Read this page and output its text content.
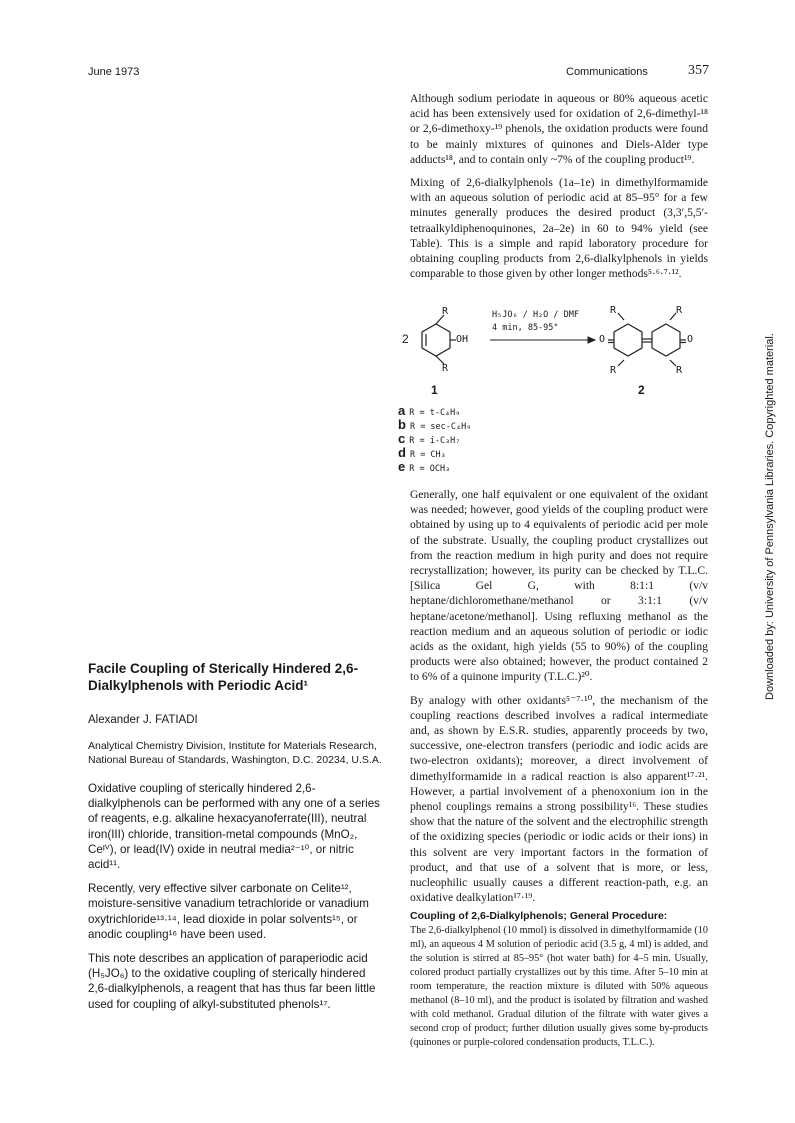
June 1973	Communications	357
Downloaded by: University of Pennsylvania Libraries. Copyrighted material.

Although sodium periodate in aqueous or 80% aqueous acetic acid has been extensively used for oxidation of 2,6-dimethyl-¹⁸ or 2,6-dimethoxy-¹⁹ phenols, the oxidation products were found to be mainly mixtures of quinones and Diels-Alder type adducts¹⁸, and to contain only ~7% of the coupling product¹⁹.

Mixing of 2,6-dialkylphenols (1a–1e) in dimethylformamide with an aqueous solution of periodic acid at 85–95° for a few minutes generally produces the desired product (3,3′,5,5′-tetraalkyldiphenoquinones, 2a–2e) in 60 to 94% yield (see Table). This is a simple and rapid laboratory procedure for obtaining coupling products from 2,6-dialkylphenols in yields comparable to those given by other longer methods⁵·⁶·⁷·¹².

R
R
OH
2
H₅JO₆ / H₂O / DMF
4 min, 85-95°
O	O
R	R
R	R
1	2
a R = t-C₄H₉
b R = sec-C₄H₉
c R = i-C₃H₇
d R = CH₃
e R = OCH₃

Generally, one half equivalent or one equivalent of the oxidant was needed; however, good yields of the coupling product were obtained by using up to 4 equivalents of periodic acid per mole of the substrate. Usually, the coupling product crystallizes out from the reaction medium in high purity and does not require recrystallization; however, its purity can be checked by T.L.C. [Silica Gel G, with 8:1:1 (v/v heptane/dichloromethane/methanol or 3:1:1 (v/v heptane/acetone/methanol]. Using refluxing methanol as the reaction medium and an aqueous solution of periodic or iodic acids as the oxidant, high yields (55 to 90%) of the coupling products were also obtained; however, the product contained 2 to 6% of a quinone impurity (T.L.C.)²⁰.

By analogy with other oxidants⁵⁻⁷·¹⁰, the mechanism of the coupling reactions described involves a radical intermediate and, as shown by E.S.R. studies, apparently proceeds by two, successive, one-electron transfers (periodic and iodic acids are two-electron oxidants); moreover, a direct involvement of dimethylformamide in a radical reaction is also apparent¹⁷·²¹. However, a partial involvement of a phenoxonium ion in the phenol couplings remains a strong possibility¹⁶. These studies show that the nature of the solvent and the electrophilic strength of the oxidizing species (periodic or iodic acids or their ions) in this solvent are very important factors in the formation of product, and that use of a solvent that is more, or less, nucleophilic usually causes a different reaction-path, e.g. an oxidative dealkylation¹⁷·¹⁹.

Coupling of 2,6-Dialkylphenols; General Procedure:

The 2,6-dialkylphenol (10 mmol) is dissolved in dimethylformamide (10 ml), an aqueous 4 M solution of periodic acid (3.5 g, 4 ml) is added, and the solution is stirred at 85–95° (hot water bath) for 4–5 min. Usually, colored product partially crystallizes out by this time. After 5–10 min at room temperature, the reaction mixture is diluted with 50% aqueous methanol (8–10 ml), and the product is isolated by filtration and washed with cold methanol. Gradual dilution of the filtrate with water gives a second crop of product; further dilution usually gives some by-products (quinones or purple-colored condensation products, T.L.C.).

Facile Coupling of Sterically Hindered 2,6-Dialkylphenols with Periodic Acid¹
Alexander J. FATIADI
Analytical Chemistry Division, Institute for Materials Research, National Bureau of Standards, Washington, D.C. 20234, U.S.A.

Oxidative coupling of sterically hindered 2,6-dialkylphenols can be performed with any one of a series of reagents, e.g. alkaline hexacyanoferrate(III), neutral iron(III) chloride, transition-metal compounds (MnO₂, Ceᴵⱽ), or lead(IV) oxide in neutral media²⁻¹⁰, or nitric acid¹¹.

Recently, very effective silver carbonate on Celite¹², moisture-sensitive vanadium tetrachloride or vanadium oxytrichloride¹³·¹⁴, lead dioxide in polar solvents¹⁵, or anodic coupling¹⁶ have been used.

This note describes an application of paraperiodic acid (H₅JO₆) to the oxidative coupling of sterically hindered 2,6-dialkylphenols, a reagent that has thus far been little used for coupling of alkyl-substituted phenols¹⁷.
